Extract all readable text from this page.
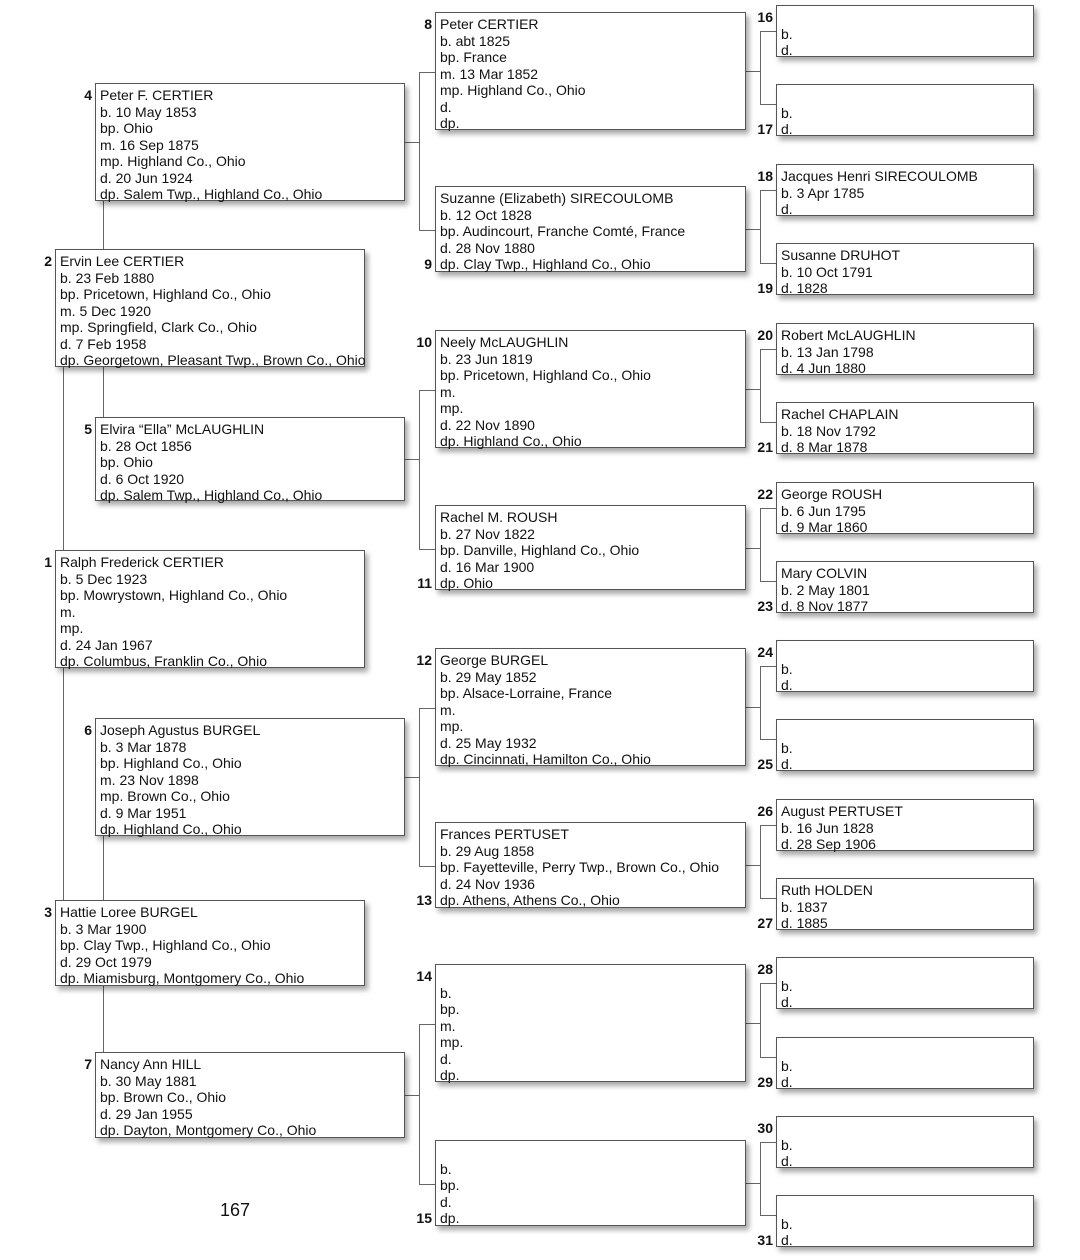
Ralph Frederick CERTIER
b. 5 Dec 1923
bp. Mowrystown, Highland Co., Ohio
m.
mp.
d. 24 Jan 1967
dp. Columbus, Franklin Co., Ohio
1
Ervin Lee CERTIER
b. 23 Feb 1880
bp. Pricetown, Highland Co., Ohio
m. 5 Dec 1920
mp. Springfield, Clark Co., Ohio
d. 7 Feb 1958
dp. Georgetown, Pleasant Twp., Brown Co., Ohio
2
Hattie Loree BURGEL
b. 3 Mar 1900
bp. Clay Twp., Highland Co., Ohio
d. 29 Oct 1979
dp. Miamisburg, Montgomery Co., Ohio
3
Peter F. CERTIER
b. 10 May 1853
bp. Ohio
m. 16 Sep 1875
mp. Highland Co., Ohio
d. 20 Jun 1924
dp. Salem Twp., Highland Co., Ohio
4
Elvira “Ella” McLAUGHLIN
b. 28 Oct 1856
bp. Ohio
d. 6 Oct 1920
dp. Salem Twp., Highland Co., Ohio
5
Joseph Agustus BURGEL
b. 3 Mar 1878
bp. Highland Co., Ohio
m. 23 Nov 1898
mp. Brown Co., Ohio
d. 9 Mar 1951
dp. Highland Co., Ohio
6
Nancy Ann HILL
b. 30 May 1881
bp. Brown Co., Ohio
d. 29 Jan 1955
dp. Dayton, Montgomery Co., Ohio
7
Peter CERTIER
b. abt 1825
bp. France
m. 13 Mar 1852
mp. Highland Co., Ohio
d.
dp.
8
Suzanne (Elizabeth) SIRECOULOMB
b. 12 Oct 1828
bp. Audincourt, Franche Comté, France
d. 28 Nov 1880
dp. Clay Twp., Highland Co., Ohio
9
Neely McLAUGHLIN
b. 23 Jun 1819
bp. Pricetown, Highland Co., Ohio
m.
mp.
d. 22 Nov 1890
dp. Highland Co., Ohio
10
Rachel M. ROUSH
b. 27 Nov 1822
bp. Danville, Highland Co., Ohio
d. 16 Mar 1900
dp. Ohio
11
George BURGEL
b. 29 May 1852
bp. Alsace-Lorraine, France
m.
mp.
d. 25 May 1932
dp. Cincinnati, Hamilton Co., Ohio
12
Frances PERTUSET
b. 29 Aug 1858
bp. Fayetteville, Perry Twp., Brown Co., Ohio
d. 24 Nov 1936
dp. Athens, Athens Co., Ohio
13
b.
bp.
m.
mp.
d.
dp.
14
b.
bp.
d.
dp.
15
b.
d.
16
b.
d.
17
Jacques Henri SIRECOULOMB
b. 3 Apr 1785
d.
18
Susanne DRUHOT
b. 10 Oct 1791
d. 1828
19
Robert McLAUGHLIN
b. 13 Jan 1798
d. 4 Jun 1880
20
Rachel CHAPLAIN
b. 18 Nov 1792
d. 8 Mar 1878
21
George ROUSH
b. 6 Jun 1795
d. 9 Mar 1860
22
Mary COLVIN
b. 2 May 1801
d. 8 Nov 1877
23
b.
d.
24
b.
d.
25
August PERTUSET
b. 16 Jun 1828
d. 28 Sep 1906
26
Ruth HOLDEN
b. 1837
d. 1885
27
b.
d.
28
b.
d.
29
b.
d.
30
b.
d.
31
167
